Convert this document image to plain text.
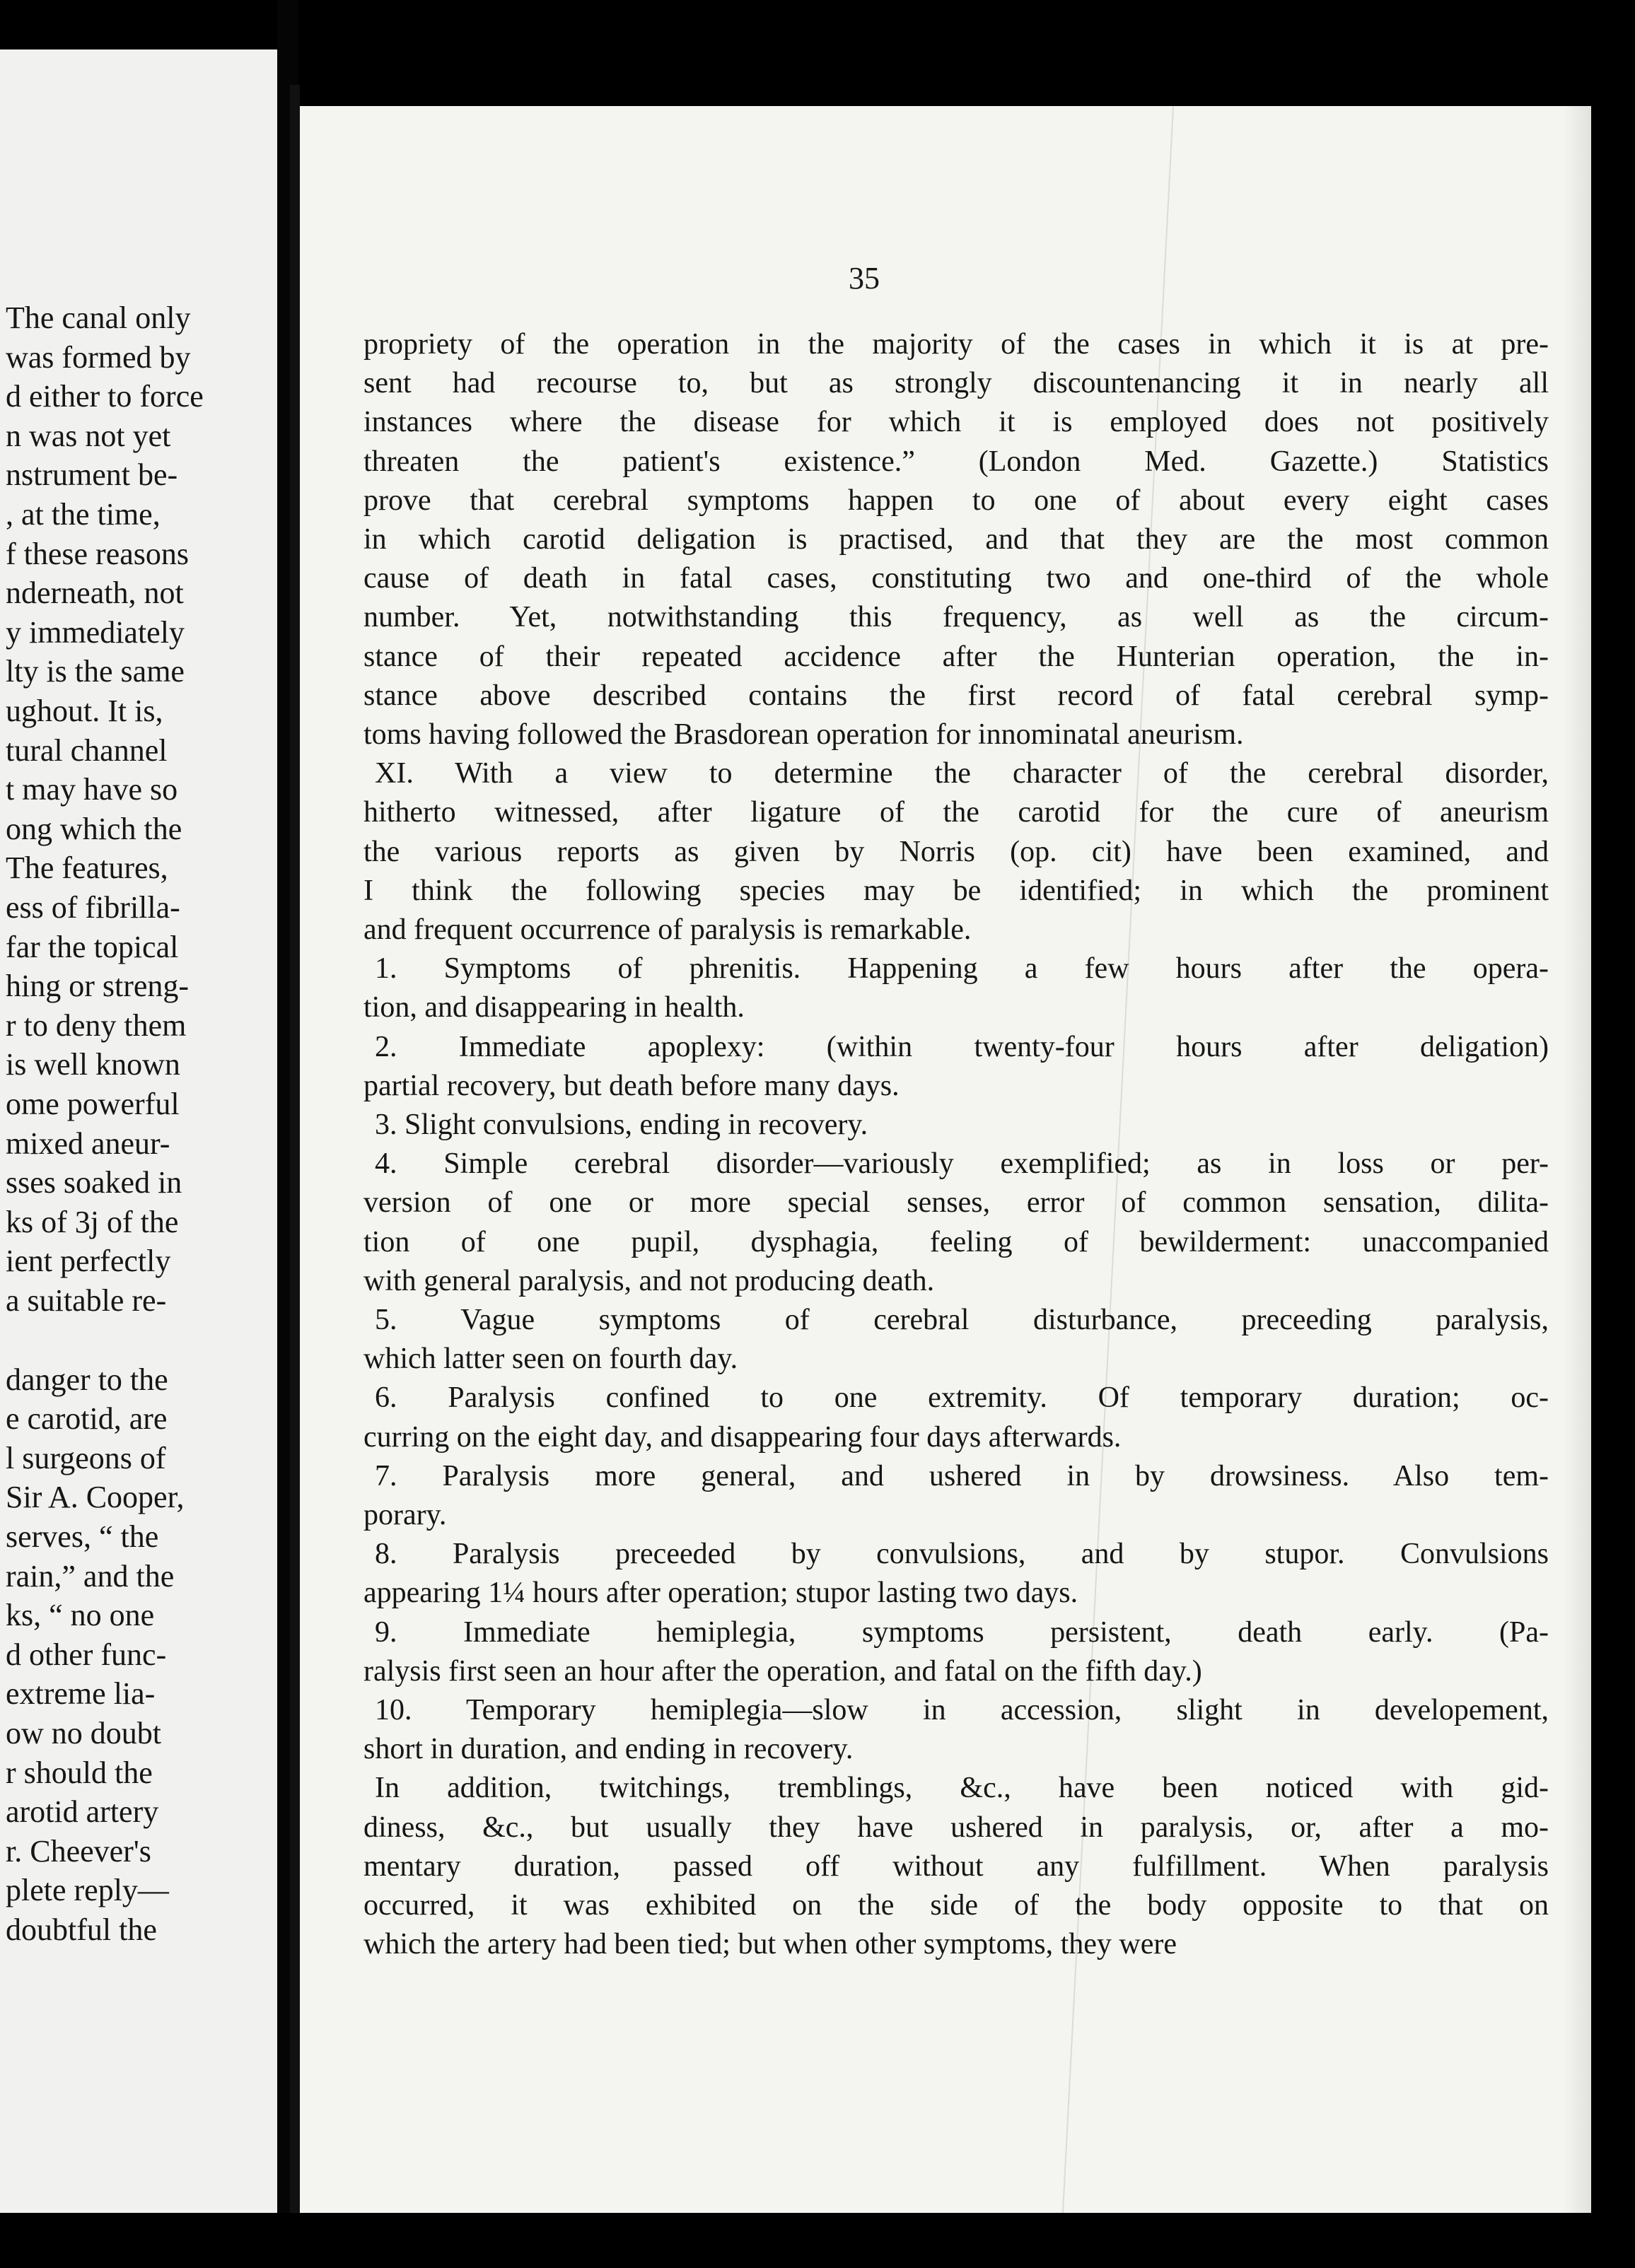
The canal only
was formed by
d either to force
n was not yet
nstrument be-
, at the time,
f these reasons
nderneath, not
y immediately
lty is the same
ughout. It is,
tural channel
t may have so
ong which the
The features,
ess of fibrilla-
far the topical
hing or streng-
r to deny them
is well known
ome powerful
mixed aneur-
sses soaked in
ks of 3j of the
ient perfectly
a suitable re-
danger to the
e carotid, are
l surgeons of
Sir A. Cooper,
serves, “ the
rain,” and the
ks, “ no one
d other func-
extreme lia-
ow no doubt
r should the
arotid artery
r. Cheever's
plete reply—
doubtful the
35
propriety of the operation in the majority of the cases in which it is at pre-
sent had recourse to, but as strongly discountenancing it in nearly all
instances where the disease for which it is employed does not positively
threaten the patient's existence.” (London Med. Gazette.) Statistics
prove that cerebral symptoms happen to one of about every eight cases
in which carotid deligation is practised, and that they are the most common
cause of death in fatal cases, constituting two and one-third of the whole
number. Yet, notwithstanding this frequency, as well as the circum-
stance of their repeated accidence after the Hunterian operation, the in-
stance above described contains the first record of fatal cerebral symp-
toms having followed the Brasdorean operation for innominatal aneurism.
XI. With a view to determine the character of the cerebral disorder,
hitherto witnessed, after ligature of the carotid for the cure of aneurism
the various reports as given by Norris (op. cit) have been examined, and
I think the following species may be identified; in which the prominent
and frequent occurrence of paralysis is remarkable.
1. Symptoms of phrenitis. Happening a few hours after the opera-
tion, and disappearing in health.
2. Immediate apoplexy: (within twenty-four hours after deligation)
partial recovery, but death before many days.
3. Slight convulsions, ending in recovery.
4. Simple cerebral disorder—variously exemplified; as in loss or per-
version of one or more special senses, error of common sensation, dilita-
tion of one pupil, dysphagia, feeling of bewilderment: unaccompanied
with general paralysis, and not producing death.
5. Vague symptoms of cerebral disturbance, preceeding paralysis,
which latter seen on fourth day.
6. Paralysis confined to one extremity. Of temporary duration; oc-
curring on the eight day, and disappearing four days afterwards.
7. Paralysis more general, and ushered in by drowsiness. Also tem-
porary.
8. Paralysis preceeded by convulsions, and by stupor. Convulsions
appearing 1¼ hours after operation; stupor lasting two days.
9. Immediate hemiplegia, symptoms persistent, death early. (Pa-
ralysis first seen an hour after the operation, and fatal on the fifth day.)
10. Temporary hemiplegia—slow in accession, slight in developement,
short in duration, and ending in recovery.
In addition, twitchings, tremblings, &c., have been noticed with gid-
diness, &c., but usually they have ushered in paralysis, or, after a mo-
mentary duration, passed off without any fulfillment. When paralysis
occurred, it was exhibited on the side of the body opposite to that on
which the artery had been tied; but when other symptoms, they were
